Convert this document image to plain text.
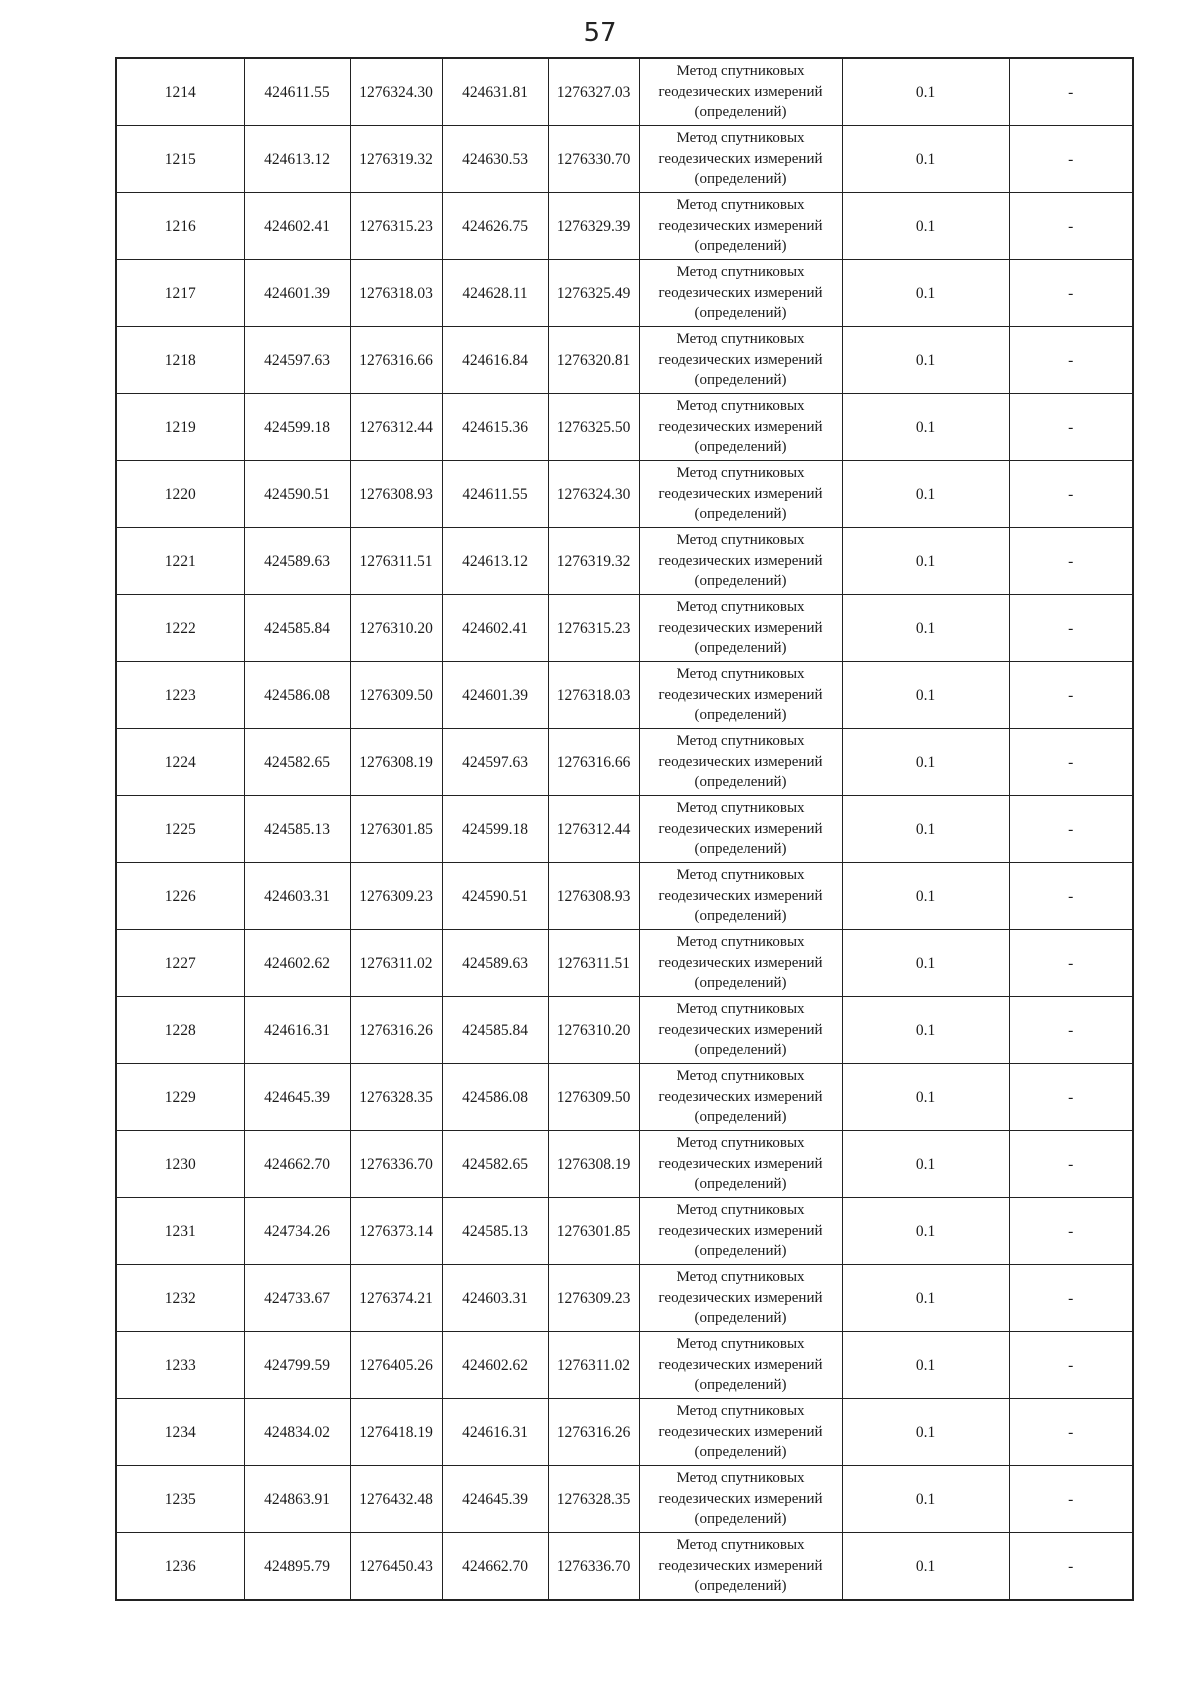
57
1214	424611.55	1276324.30	424631.81	1276327.03	Метод спутниковых геодезических измерений (определений)	0.1	-
1215	424613.12	1276319.32	424630.53	1276330.70	Метод спутниковых геодезических измерений (определений)	0.1	-
1216	424602.41	1276315.23	424626.75	1276329.39	Метод спутниковых геодезических измерений (определений)	0.1	-
1217	424601.39	1276318.03	424628.11	1276325.49	Метод спутниковых геодезических измерений (определений)	0.1	-
1218	424597.63	1276316.66	424616.84	1276320.81	Метод спутниковых геодезических измерений (определений)	0.1	-
1219	424599.18	1276312.44	424615.36	1276325.50	Метод спутниковых геодезических измерений (определений)	0.1	-
1220	424590.51	1276308.93	424611.55	1276324.30	Метод спутниковых геодезических измерений (определений)	0.1	-
1221	424589.63	1276311.51	424613.12	1276319.32	Метод спутниковых геодезических измерений (определений)	0.1	-
1222	424585.84	1276310.20	424602.41	1276315.23	Метод спутниковых геодезических измерений (определений)	0.1	-
1223	424586.08	1276309.50	424601.39	1276318.03	Метод спутниковых геодезических измерений (определений)	0.1	-
1224	424582.65	1276308.19	424597.63	1276316.66	Метод спутниковых геодезических измерений (определений)	0.1	-
1225	424585.13	1276301.85	424599.18	1276312.44	Метод спутниковых геодезических измерений (определений)	0.1	-
1226	424603.31	1276309.23	424590.51	1276308.93	Метод спутниковых геодезических измерений (определений)	0.1	-
1227	424602.62	1276311.02	424589.63	1276311.51	Метод спутниковых геодезических измерений (определений)	0.1	-
1228	424616.31	1276316.26	424585.84	1276310.20	Метод спутниковых геодезических измерений (определений)	0.1	-
1229	424645.39	1276328.35	424586.08	1276309.50	Метод спутниковых геодезических измерений (определений)	0.1	-
1230	424662.70	1276336.70	424582.65	1276308.19	Метод спутниковых геодезических измерений (определений)	0.1	-
1231	424734.26	1276373.14	424585.13	1276301.85	Метод спутниковых геодезических измерений (определений)	0.1	-
1232	424733.67	1276374.21	424603.31	1276309.23	Метод спутниковых геодезических измерений (определений)	0.1	-
1233	424799.59	1276405.26	424602.62	1276311.02	Метод спутниковых геодезических измерений (определений)	0.1	-
1234	424834.02	1276418.19	424616.31	1276316.26	Метод спутниковых геодезических измерений (определений)	0.1	-
1235	424863.91	1276432.48	424645.39	1276328.35	Метод спутниковых геодезических измерений (определений)	0.1	-
1236	424895.79	1276450.43	424662.70	1276336.70	Метод спутниковых геодезических измерений (определений)	0.1	-
